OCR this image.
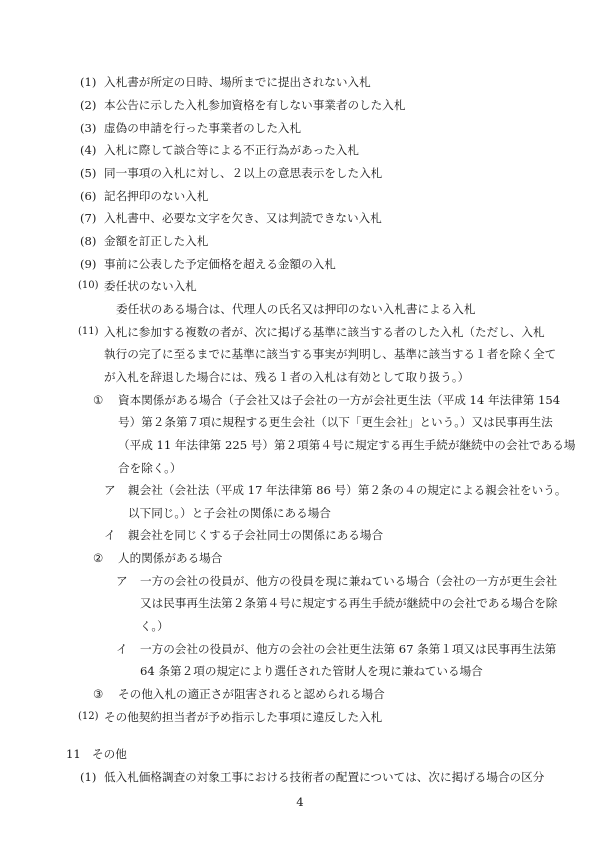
(1) 入札書が所定の日時、場所までに提出されない入札
(2) 本公告に示した入札参加資格を有しない事業者のした入札
(3) 虚偽の申請を行った事業者のした入札
(4) 入札に際して談合等による不正行為があった入札
(5) 同一事項の入札に対し、２以上の意思表示をした入札
(6) 記名押印のない入札
(7) 入札書中、必要な文字を欠き、又は判読できない入札
(8) 金額を訂正した入札
(9) 事前に公表した予定価格を超える金額の入札
(10) 委任状のない入札
委任状のある場合は、代理人の氏名又は押印のない入札書による入札
(11) 入札に参加する複数の者が、次に掲げる基準に該当する者のした入札（ただし、入札
執行の完了に至るまでに基準に該当する事実が判明し、基準に該当する１者を除く全て
が入札を辞退した場合には、残る１者の入札は有効として取り扱う。）
① 資本関係がある場合（子会社又は子会社の一方が会社更生法（平成 14 年法律第 154
号）第２条第７項に規程する更生会社（以下「更生会社」という。）又は民事再生法
（平成 11 年法律第 225 号）第２項第４号に規定する再生手続が継続中の会社である場
合を除く。）
ア 親会社（会社法（平成 17 年法律第 86 号）第２条の４の規定による親会社をいう。
以下同じ。）と子会社の関係にある場合
イ 親会社を同じくする子会社同士の関係にある場合
② 人的関係がある場合
ア 一方の会社の役員が、他方の役員を現に兼ねている場合（会社の一方が更生会社
又は民事再生法第２条第４号に規定する再生手続が継続中の会社である場合を除
く。）
イ 一方の会社の役員が、他方の会社の会社更生法第 67 条第１項又は民事再生法第
64 条第２項の規定により選任された管財人を現に兼ねている場合
③ その他入札の適正さが阻害されると認められる場合
(12) その他契約担当者が予め指示した事項に違反した入札
11 その他
(1) 低入札価格調査の対象工事における技術者の配置については、次に掲げる場合の区分
4
